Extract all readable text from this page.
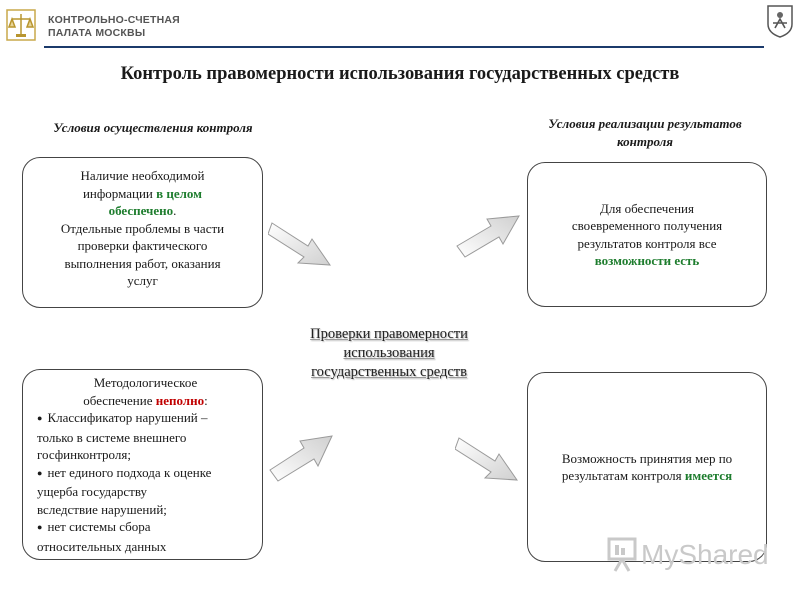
КОНТРОЛЬНО-СЧЕТНАЯ
ПАЛАТА МОСКВЫ
Контроль правомерности использования государственных средств
Условия осуществления контроля	Условия реализации результатов
контроля
Наличие необходимой
информации в целом
обеспечено.
Отдельные проблемы в части
проверки фактического
выполнения работ, оказания
услуг
Методологическое
обеспечение неполно:
● Классификатор нарушений –
только в системе внешнего
госфинконтроля;
● нет единого подхода к оценке
ущерба государству
вследствие нарушений;
● нет системы сбора
относительных данных
Для обеспечения
своевременного получения
результатов контроля все
возможности есть
Возможность принятия мер по
результатам контроля имеется
Проверки правомерности
использования
государственных средств
MyShared
